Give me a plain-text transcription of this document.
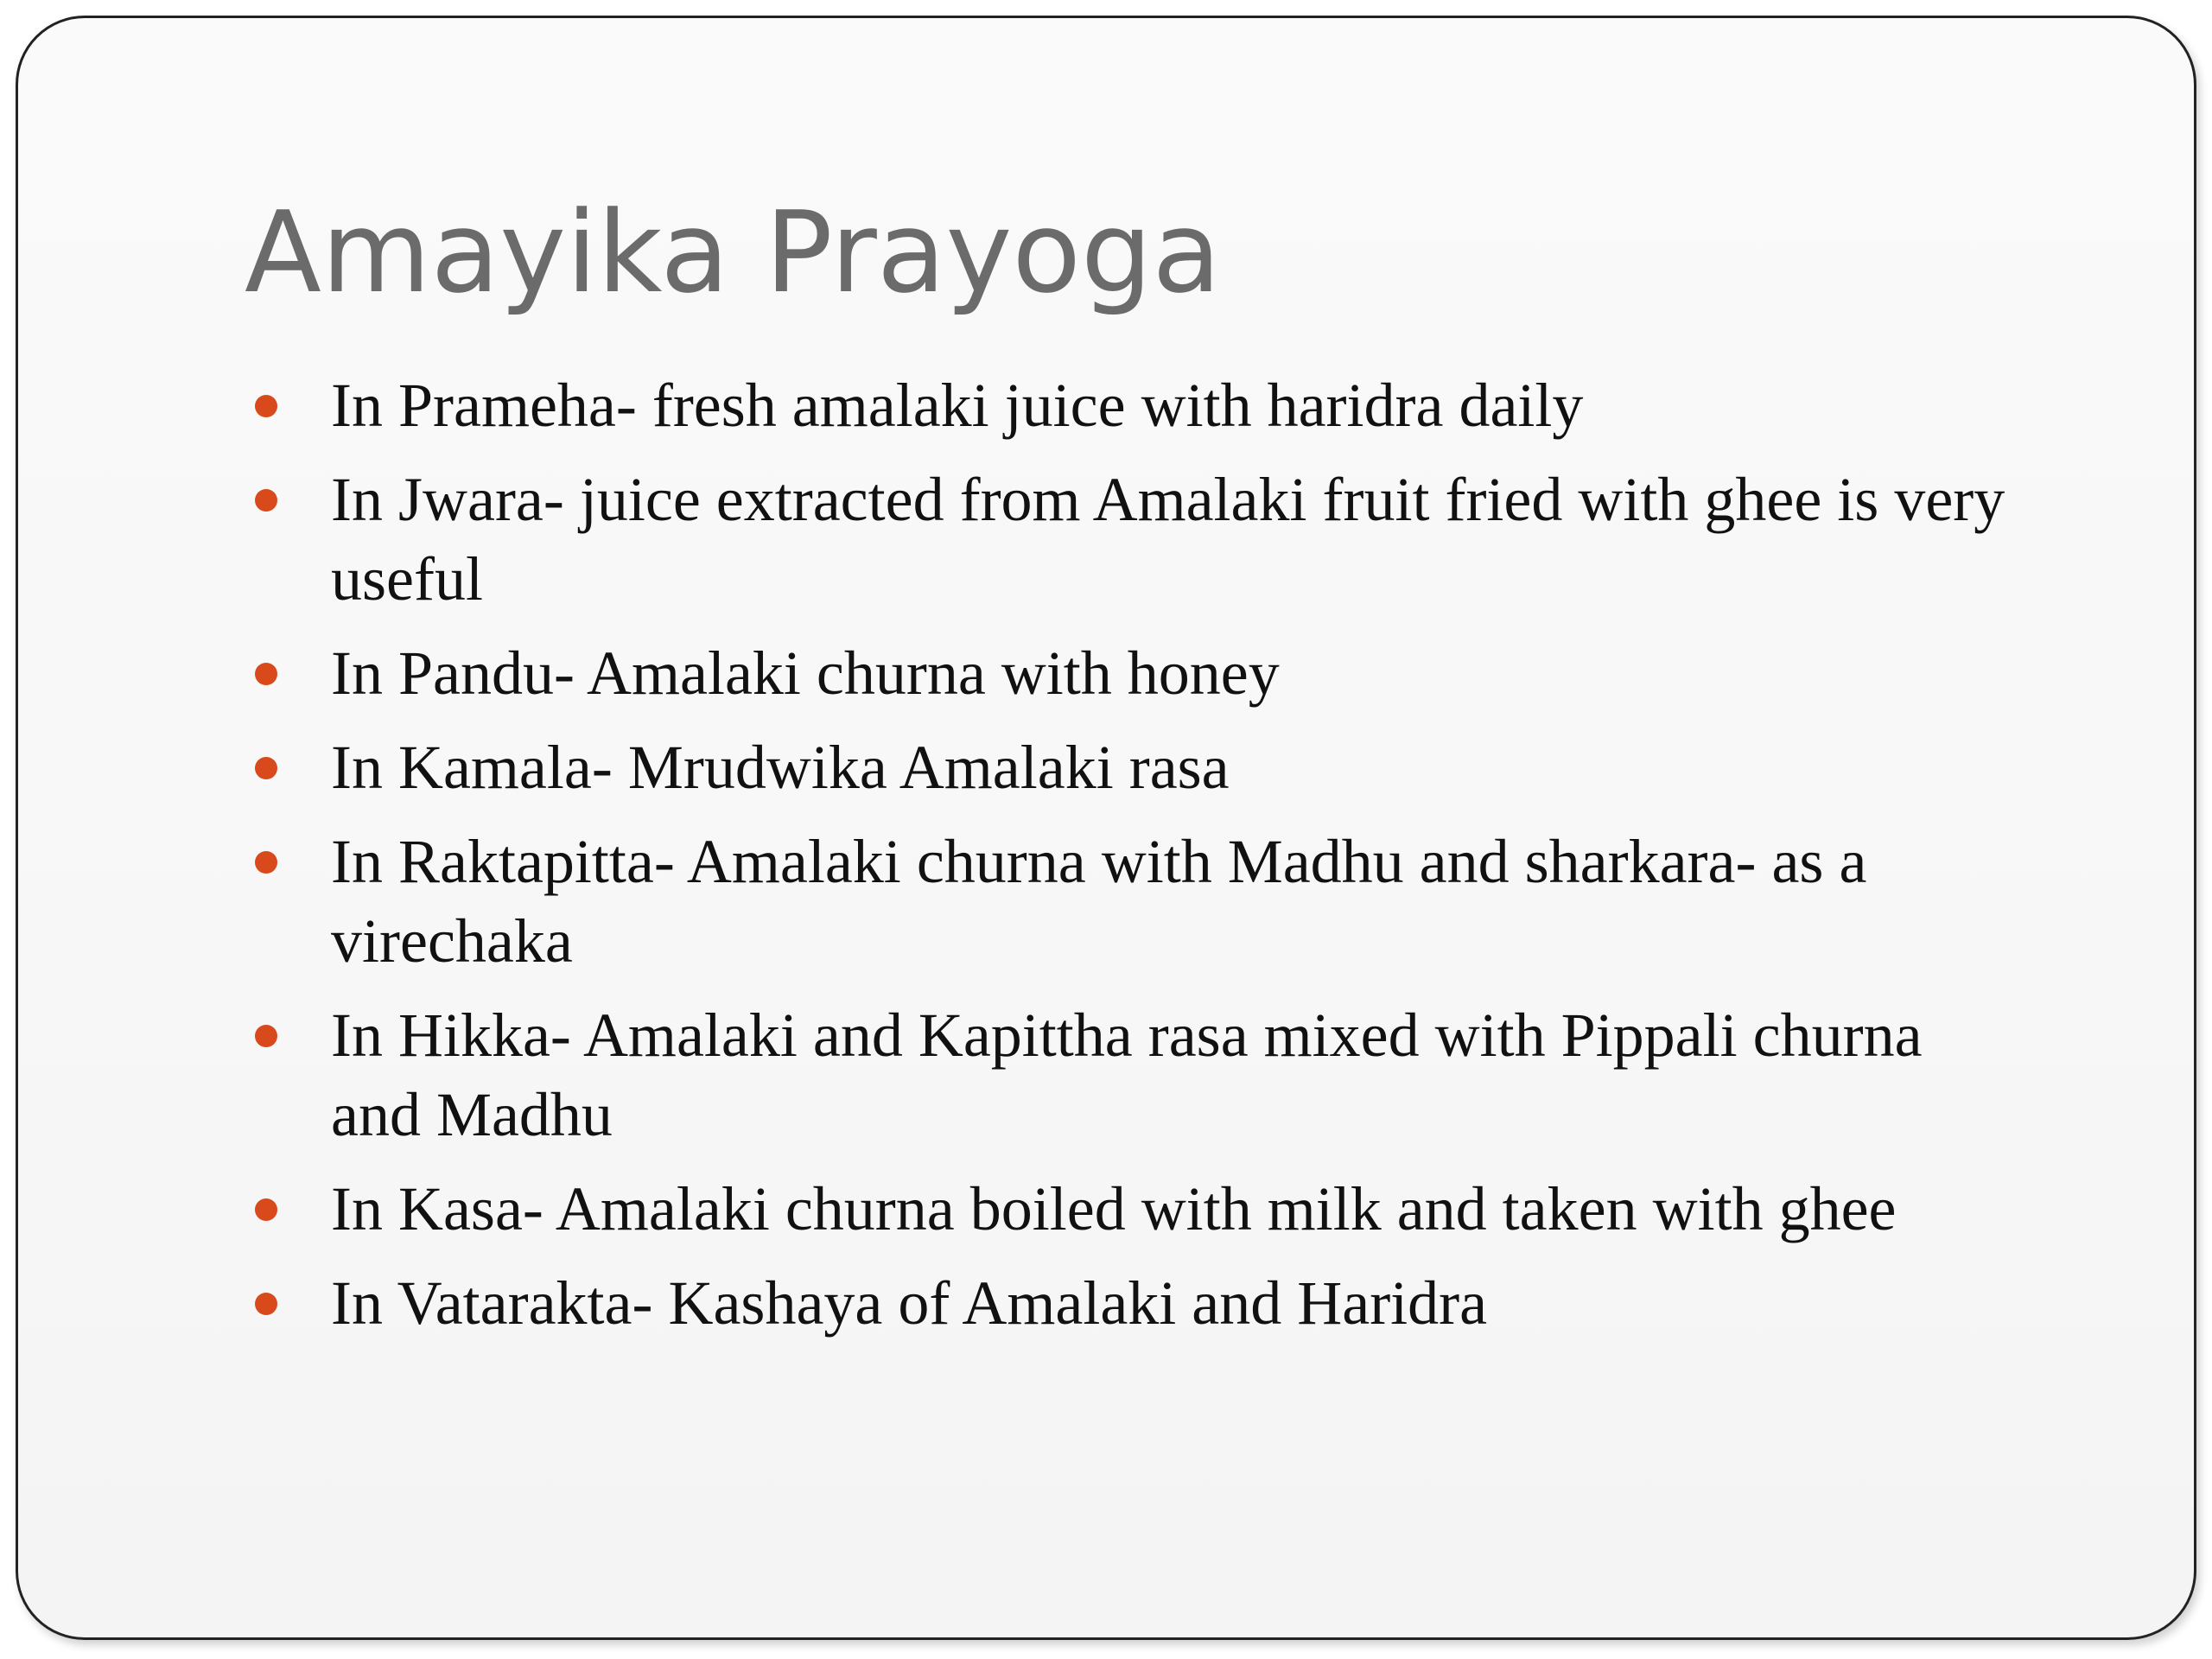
Amayika Prayoga
In Prameha- fresh amalaki juice with haridra daily
In Jwara- juice extracted from Amalaki fruit fried with ghee is very useful
In Pandu- Amalaki churna with honey
In Kamala- Mrudwika Amalaki rasa
In Raktapitta- Amalaki churna with Madhu and sharkara- as a virechaka
In Hikka- Amalaki and Kapittha rasa mixed with Pippali churna and Madhu
In Kasa- Amalaki churna boiled with milk and taken with ghee
In Vatarakta- Kashaya of Amalaki and Haridra
